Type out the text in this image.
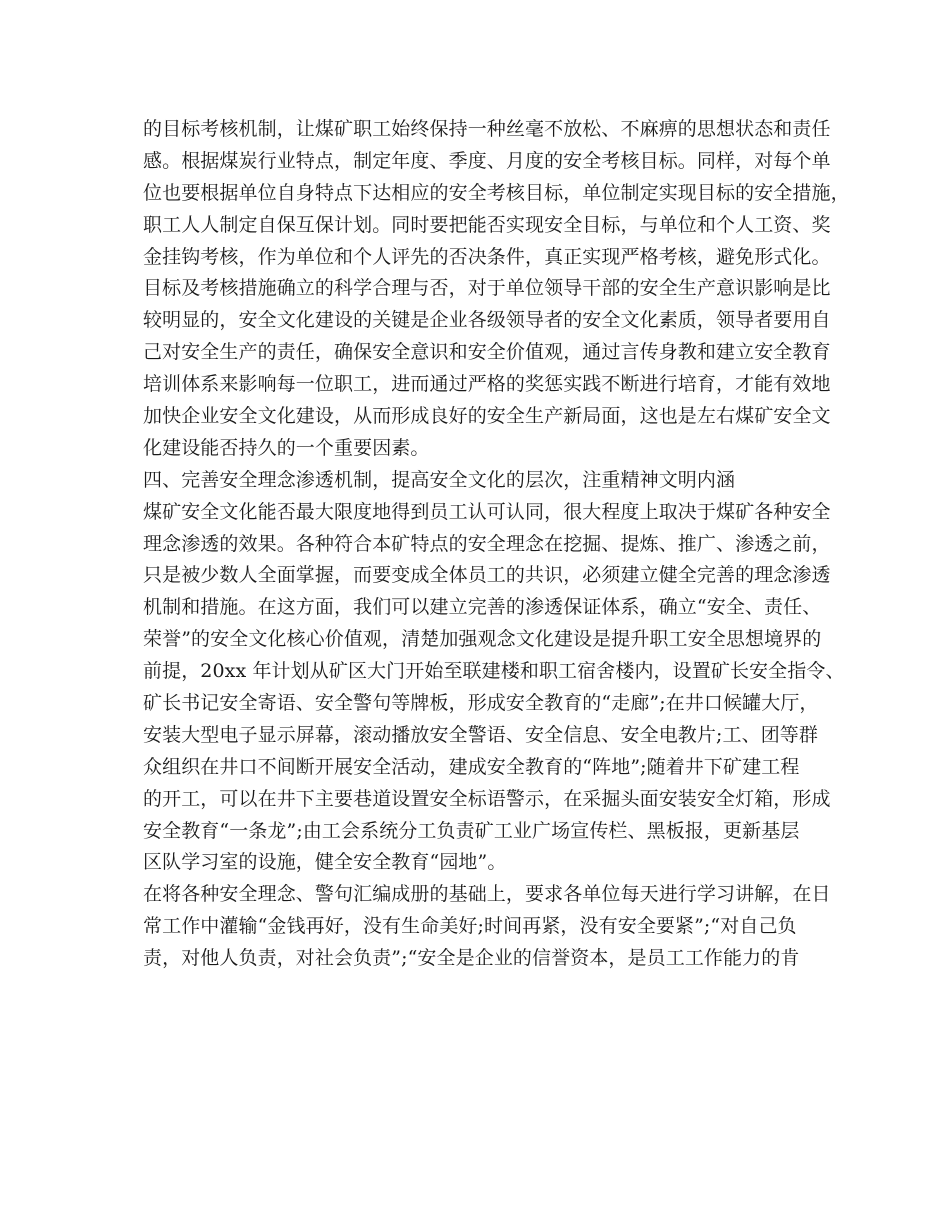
的目标考核机制，让煤矿职工始终保持一种丝毫不放松、不麻痹的思想状态和责任
感。根据煤炭行业特点，制定年度、季度、月度的安全考核目标。同样，对每个单
位也要根据单位自身特点下达相应的安全考核目标，单位制定实现目标的安全措施，
职工人人制定自保互保计划。同时要把能否实现安全目标，与单位和个人工资、奖
金挂钩考核，作为单位和个人评先的否决条件，真正实现严格考核，避免形式化。
目标及考核措施确立的科学合理与否，对于单位领导干部的安全生产意识影响是比
较明显的，安全文化建设的关键是企业各级领导者的安全文化素质，领导者要用自
己对安全生产的责任，确保安全意识和安全价值观，通过言传身教和建立安全教育
培训体系来影响每一位职工，进而通过严格的奖惩实践不断进行培育，才能有效地
加快企业安全文化建设，从而形成良好的安全生产新局面，这也是左右煤矿安全文
化建设能否持久的一个重要因素。
四、完善安全理念渗透机制，提高安全文化的层次，注重精神文明内涵
煤矿安全文化能否最大限度地得到员工认可认同，很大程度上取决于煤矿各种安全
理念渗透的效果。各种符合本矿特点的安全理念在挖掘、提炼、推广、渗透之前，
只是被少数人全面掌握，而要变成全体员工的共识，必须建立健全完善的理念渗透
机制和措施。在这方面，我们可以建立完善的渗透保证体系，确立“安全、责任、
荣誉”的安全文化核心价值观，清楚加强观念文化建设是提升职工安全思想境界的
前提，20xx 年计划从矿区大门开始至联建楼和职工宿舍楼内，设置矿长安全指令、
矿长书记安全寄语、安全警句等牌板，形成安全教育的“走廊”;在井口候罐大厅，
安装大型电子显示屏幕，滚动播放安全警语、安全信息、安全电教片;工、团等群
众组织在井口不间断开展安全活动，建成安全教育的“阵地”;随着井下矿建工程
的开工，可以在井下主要巷道设置安全标语警示，在采掘头面安装安全灯箱，形成
安全教育“一条龙”;由工会系统分工负责矿工业广场宣传栏、黑板报，更新基层
区队学习室的设施，健全安全教育“园地”。
在将各种安全理念、警句汇编成册的基础上，要求各单位每天进行学习讲解，在日
常工作中灌输“金钱再好，没有生命美好;时间再紧，没有安全要紧”;“对自己负
责，对他人负责，对社会负责”;“安全是企业的信誉资本，是员工工作能力的肯
